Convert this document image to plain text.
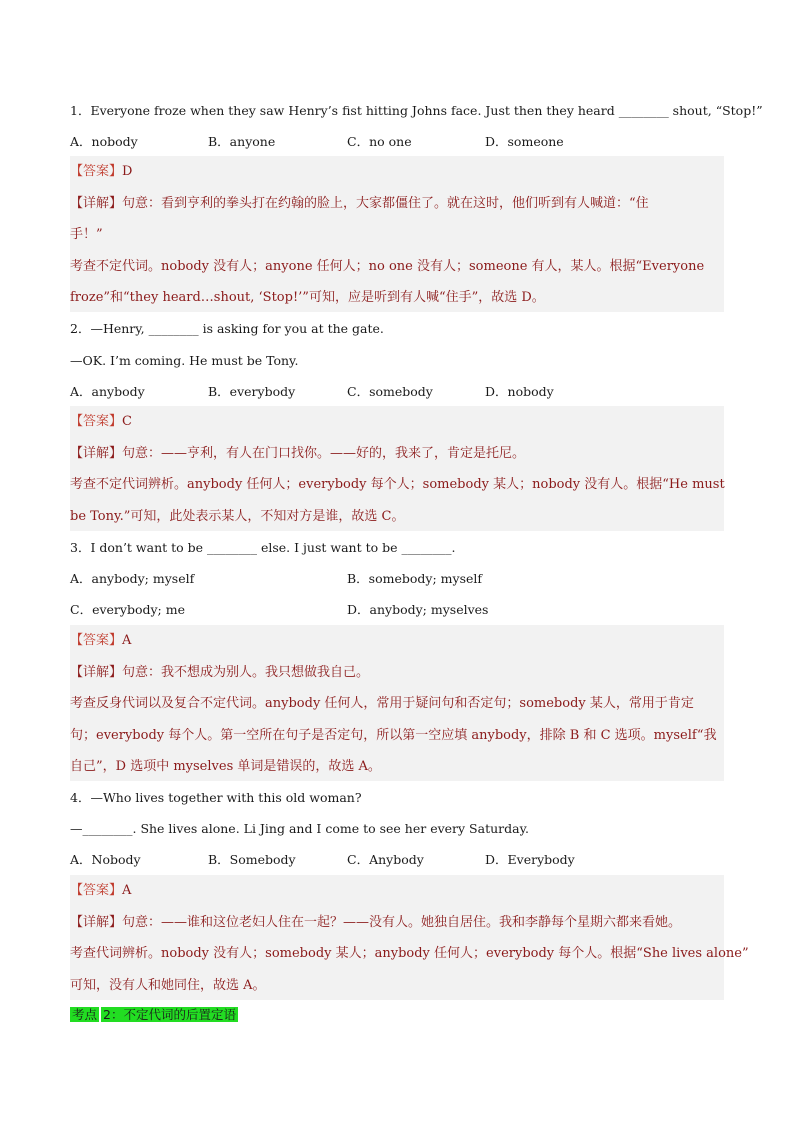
1．Everyone froze when they saw Henry’s fist hitting Johns face. Just then they heard ________ shout, “Stop!”
A．nobody	B．anyone	C．no one	D．someone
【答案】D
【详解】句意：看到亨利的拳头打在约翰的脸上，大家都僵住了。就在这时，他们听到有人喊道：“住
手！”
考查不定代词。nobody 没有人；anyone 任何人；no one 没有人；someone 有人，某人。根据“Everyone
froze”和“they heard…shout, ‘Stop!’”可知，应是听到有人喊“住手”，故选 D。
2．—Henry, ________ is asking for you at the gate.
—OK. I’m coming. He must be Tony.
A．anybody	B．everybody	C．somebody	D．nobody
【答案】C
【详解】句意：——亨利，有人在门口找你。——好的，我来了，肯定是托尼。
考查不定代词辨析。anybody 任何人；everybody 每个人；somebody 某人；nobody 没有人。根据“He must
be Tony.”可知，此处表示某人，不知对方是谁，故选 C。
3．I don’t want to be ________ else. I just want to be ________.
A．anybody; myself	B．somebody; myself
C．everybody; me	D．anybody; myselves
【答案】A
【详解】句意：我不想成为别人。我只想做我自己。
考查反身代词以及复合不定代词。anybody 任何人，常用于疑问句和否定句；somebody 某人，常用于肯定
句；everybody 每个人。第一空所在句子是否定句，所以第一空应填 anybody，排除 B 和 C 选项。myself“我
自己”，D 选项中 myselves 单词是错误的，故选 A。
4．—Who lives together with this old woman?
—________. She lives alone. Li Jing and I come to see her every Saturday.
A．Nobody	B．Somebody	C．Anybody	D．Everybody
【答案】A
【详解】句意：——谁和这位老妇人住在一起？——没有人。她独自居住。我和李静每个星期六都来看她。
考查代词辨析。nobody 没有人；somebody 某人；anybody 任何人；everybody 每个人。根据“She lives alone”
可知，没有人和她同住，故选 A。
考点 2：不定代词的后置定语
